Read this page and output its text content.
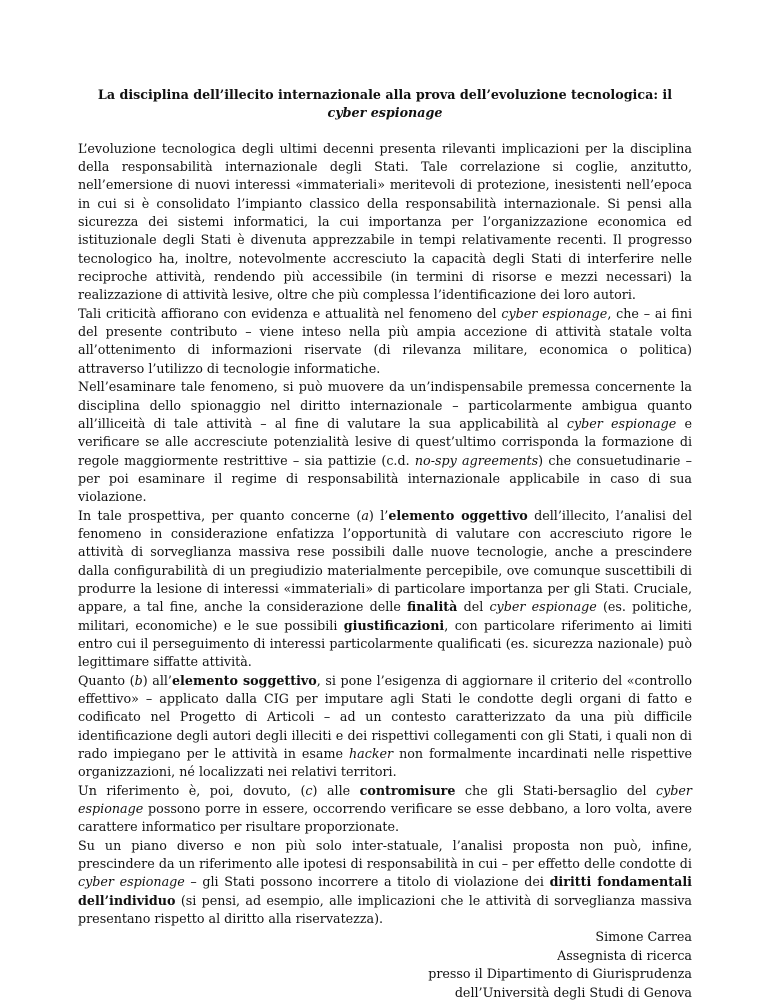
La disciplina dell’illecito internazionale alla prova dell’evoluzione tecnologica: il cyber espionage

L’evoluzione tecnologica degli ultimi decenni presenta rilevanti implicazioni per la disciplina della responsabilità internazionale degli Stati. Tale correlazione si coglie, anzitutto, nell’emersione di nuovi interessi «immateriali» meritevoli di protezione, inesistenti nell’epoca in cui si è consolidato l’impianto classico della responsabilità internazionale. Si pensi alla sicurezza dei sistemi informatici, la cui importanza per l’organizzazione economica ed istituzionale degli Stati è divenuta apprezzabile in tempi relativamente recenti. Il progresso tecnologico ha, inoltre, notevolmente accresciuto la capacità degli Stati di interferire nelle reciproche attività, rendendo più accessibile (in termini di risorse e mezzi necessari) la realizzazione di attività lesive, oltre che più complessa l’identificazione dei loro autori.

Tali criticità affiorano con evidenza e attualità nel fenomeno del cyber espionage, che – ai fini del presente contributo – viene inteso nella più ampia accezione di attività statale volta all’ottenimento di informazioni riservate (di rilevanza militare, economica o politica) attraverso l’utilizzo di tecnologie informatiche.

Nell’esaminare tale fenomeno, si può muovere da un’indispensabile premessa concernente la disciplina dello spionaggio nel diritto internazionale – particolarmente ambigua quanto all’illiceità di tale attività – al fine di valutare la sua applicabilità al cyber espionage e verificare se alle accresciute potenzialità lesive di quest’ultimo corrisponda la formazione di regole maggiormente restrittive – sia pattizie (c.d. no-spy agreements) che consuetudinarie – per poi esaminare il regime di responsabilità internazionale applicabile in caso di sua violazione.

In tale prospettiva, per quanto concerne (a) l’elemento oggettivo dell’illecito, l’analisi del fenomeno in considerazione enfatizza l’opportunità di valutare con accresciuto rigore le attività di sorveglianza massiva rese possibili dalle nuove tecnologie, anche a prescindere dalla configurabilità di un pregiudizio materialmente percepibile, ove comunque suscettibili di produrre la lesione di interessi «immateriali» di particolare importanza per gli Stati. Cruciale, appare, a tal fine, anche la considerazione delle finalità del cyber espionage (es. politiche, militari, economiche) e le sue possibili giustificazioni, con particolare riferimento ai limiti entro cui il perseguimento di interessi particolarmente qualificati (es. sicurezza nazionale) può legittimare siffatte attività.

Quanto (b) all’elemento soggettivo, si pone l’esigenza di aggiornare il criterio del «controllo effettivo» – applicato dalla CIG per imputare agli Stati le condotte degli organi di fatto e codificato nel Progetto di Articoli – ad un contesto caratterizzato da una più difficile identificazione degli autori degli illeciti e dei rispettivi collegamenti con gli Stati, i quali non di rado impiegano per le attività in esame hacker non formalmente incardinati nelle rispettive organizzazioni, né localizzati nei relativi territori.

Un riferimento è, poi, dovuto, (c) alle contromisure che gli Stati-bersaglio del cyber espionage possono porre in essere, occorrendo verificare se esse debbano, a loro volta, avere carattere informatico per risultare proporzionate.

Su un piano diverso e non più solo inter-statuale, l’analisi proposta non può, infine, prescindere da un riferimento alle ipotesi di responsabilità in cui – per effetto delle condotte di cyber espionage – gli Stati possono incorrere a titolo di violazione dei diritti fondamentali dell’individuo (si pensi, ad esempio, alle implicazioni che le attività di sorveglianza massiva presentano rispetto al diritto alla riservatezza).

Simone Carrea

Assegnista di ricerca

presso il Dipartimento di Giurisprudenza

dell’Università degli Studi di Genova
